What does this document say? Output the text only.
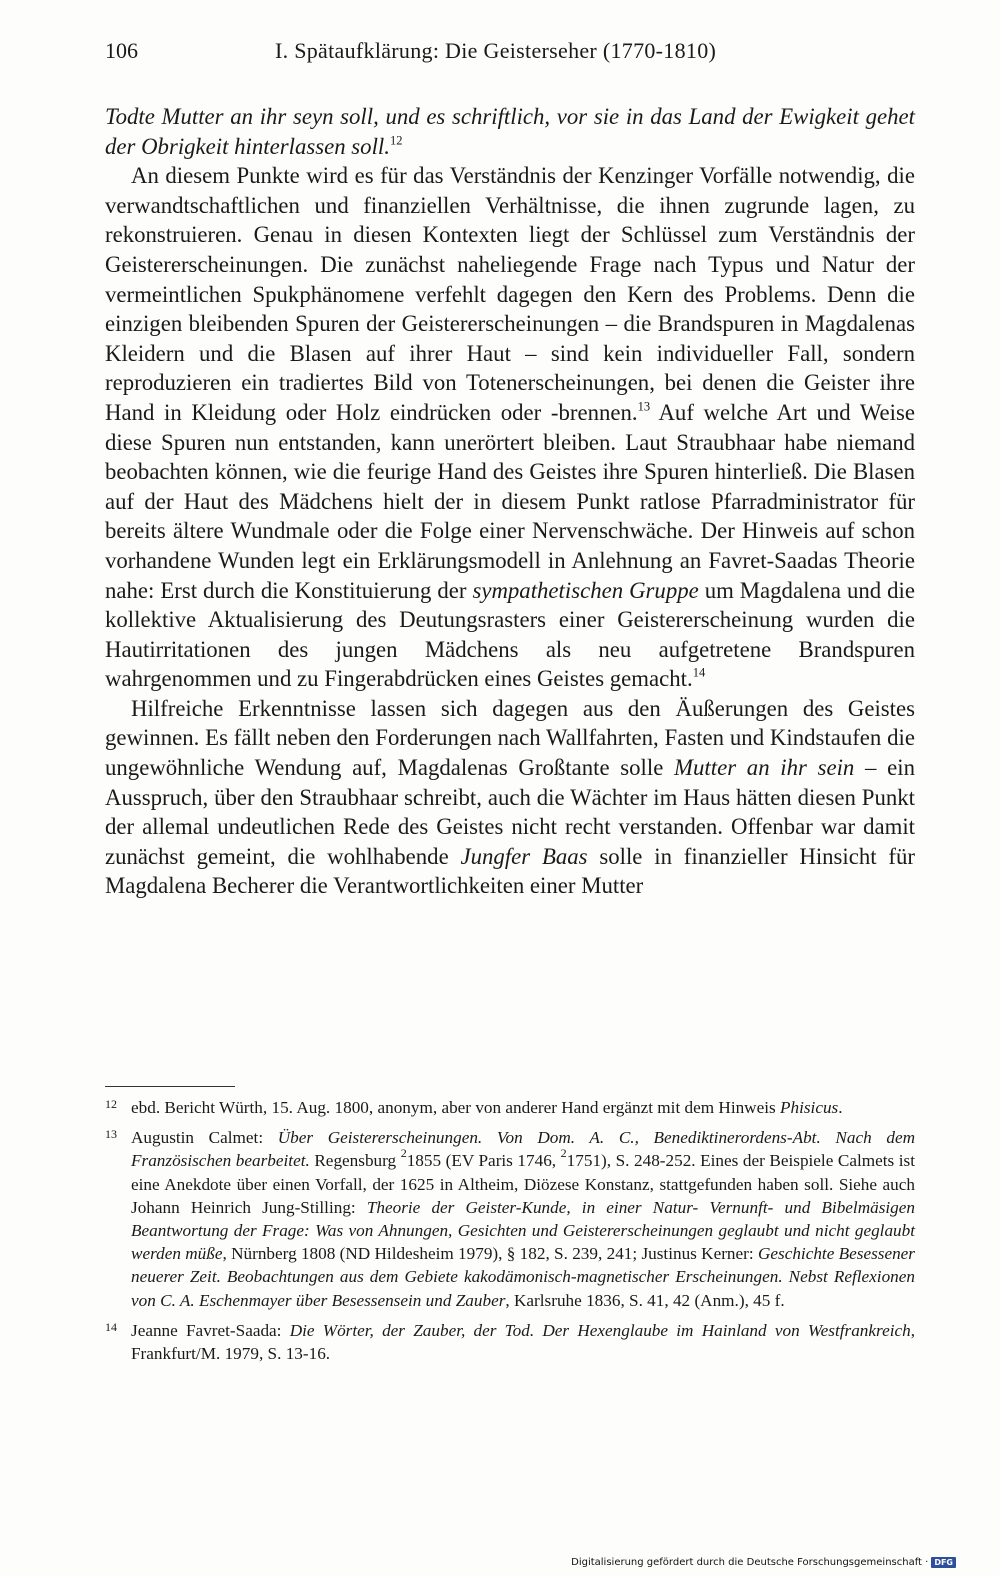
106	I. Spätaufklärung: Die Geisterseher (1770-1810)

Todte Mutter an ihr seyn soll, und es schriftlich, vor sie in das Land der Ewigkeit gehet der Obrigkeit hinterlassen soll.$^{12}$

An diesem Punkte wird es für das Verständnis der Kenzinger Vorfälle notwendig, die verwandtschaftlichen und finanziellen Verhältnisse, die ihnen zugrunde lagen, zu rekonstruieren. Genau in diesen Kontexten liegt der Schlüssel zum Verständnis der Geistererscheinungen. Die zunächst naheliegende Frage nach Typus und Natur der vermeintlichen Spukphänomene verfehlt dagegen den Kern des Problems. Denn die einzigen bleibenden Spuren der Geistererscheinungen – die Brandspuren in Magdalenas Kleidern und die Blasen auf ihrer Haut – sind kein individueller Fall, sondern reproduzieren ein tradiertes Bild von Totenerscheinungen, bei denen die Geister ihre Hand in Kleidung oder Holz eindrücken oder -brennen.$^{13}$ Auf welche Art und Weise diese Spuren nun entstanden, kann unerörtert bleiben. Laut Straubhaar habe niemand beobachten können, wie die feurige Hand des Geistes ihre Spuren hinterließ. Die Blasen auf der Haut des Mädchens hielt der in diesem Punkt ratlose Pfarradministrator für bereits ältere Wundmale oder die Folge einer Nervenschwäche. Der Hinweis auf schon vorhandene Wunden legt ein Erklärungsmodell in Anlehnung an Favret-Saadas Theorie nahe: Erst durch die Konstituierung der sympathetischen Gruppe um Magdalena und die kollektive Aktualisierung des Deutungsrasters einer Geistererscheinung wurden die Hautirritationen des jungen Mädchens als neu aufgetretene Brandspuren wahrgenommen und zu Fingerabdrücken eines Geistes gemacht.$^{14}$

Hilfreiche Erkenntnisse lassen sich dagegen aus den Äußerungen des Geistes gewinnen. Es fällt neben den Forderungen nach Wallfahrten, Fasten und Kindstaufen die ungewöhnliche Wendung auf, Magdalenas Großtante solle Mutter an ihr sein – ein Ausspruch, über den Straubhaar schreibt, auch die Wächter im Haus hätten diesen Punkt der allemal undeutlichen Rede des Geistes nicht recht verstanden. Offenbar war damit zunächst gemeint, die wohlhabende Jungfer Baas solle in finanzieller Hinsicht für Magdalena Becherer die Verantwortlichkeiten einer Mutter

12 ebd. Bericht Würth, 15. Aug. 1800, anonym, aber von anderer Hand ergänzt mit dem Hinweis Phisicus.
13 Augustin Calmet: Über Geistererscheinungen. Von Dom. A. C., Benediktinerordens-Abt. Nach dem Französischen bearbeitet. Regensburg $^2$1855 (EV Paris 1746, $^2$1751), S. 248-252. Eines der Beispiele Calmets ist eine Anekdote über einen Vorfall, der 1625 in Altheim, Diözese Konstanz, stattgefunden haben soll. Siehe auch Johann Heinrich Jung-Stilling: Theorie der Geister-Kunde, in einer Natur- Vernunft- und Bibelmäsigen Beantwortung der Frage: Was von Ahnungen, Gesichten und Geistererscheinungen geglaubt und nicht geglaubt werden müße, Nürnberg 1808 (ND Hildesheim 1979), § 182, S. 239, 241; Justinus Kerner: Geschichte Besessener neuerer Zeit. Beobachtungen aus dem Gebiete kakodämonisch-magnetischer Erscheinungen. Nebst Reflexionen von C. A. Eschenmayer über Besessensein und Zauber, Karlsruhe 1836, S. 41, 42 (Anm.), 45 f.
14 Jeanne Favret-Saada: Die Wörter, der Zauber, der Tod. Der Hexenglaube im Hainland von Westfrankreich, Frankfurt/M. 1979, S. 13-16.
Digitalisierung gefördert durch die Deutsche Forschungsgemeinschaft · DFG
